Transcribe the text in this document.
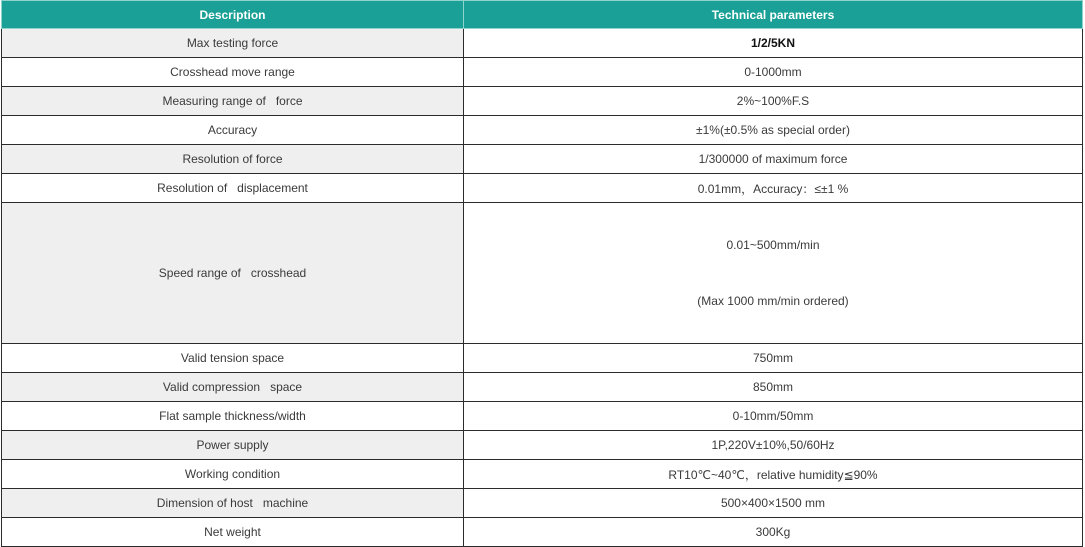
Description	Technical parameters
Max testing force	1/2/5KN
Crosshead move range	0-1000mm
Measuring range of   force	2%~100%F.S
Accuracy	±1%(±0.5% as special order)
Resolution of force	1/300000 of maximum force
Resolution of   displacement	0.01mm，Accuracy：≤±1 %
Speed range of   crosshead	0.01~500mm/min

(Max 1000 mm/min ordered)

Valid tension space	750mm
Valid compression   space	850mm
Flat sample thickness/width	0-10mm/50mm
Power supply	1P,220V±10%,50/60Hz
Working condition	RT10℃~40℃，relative humidity≦90%
Dimension of host   machine	500×400×1500 mm
Net weight	300Kg
